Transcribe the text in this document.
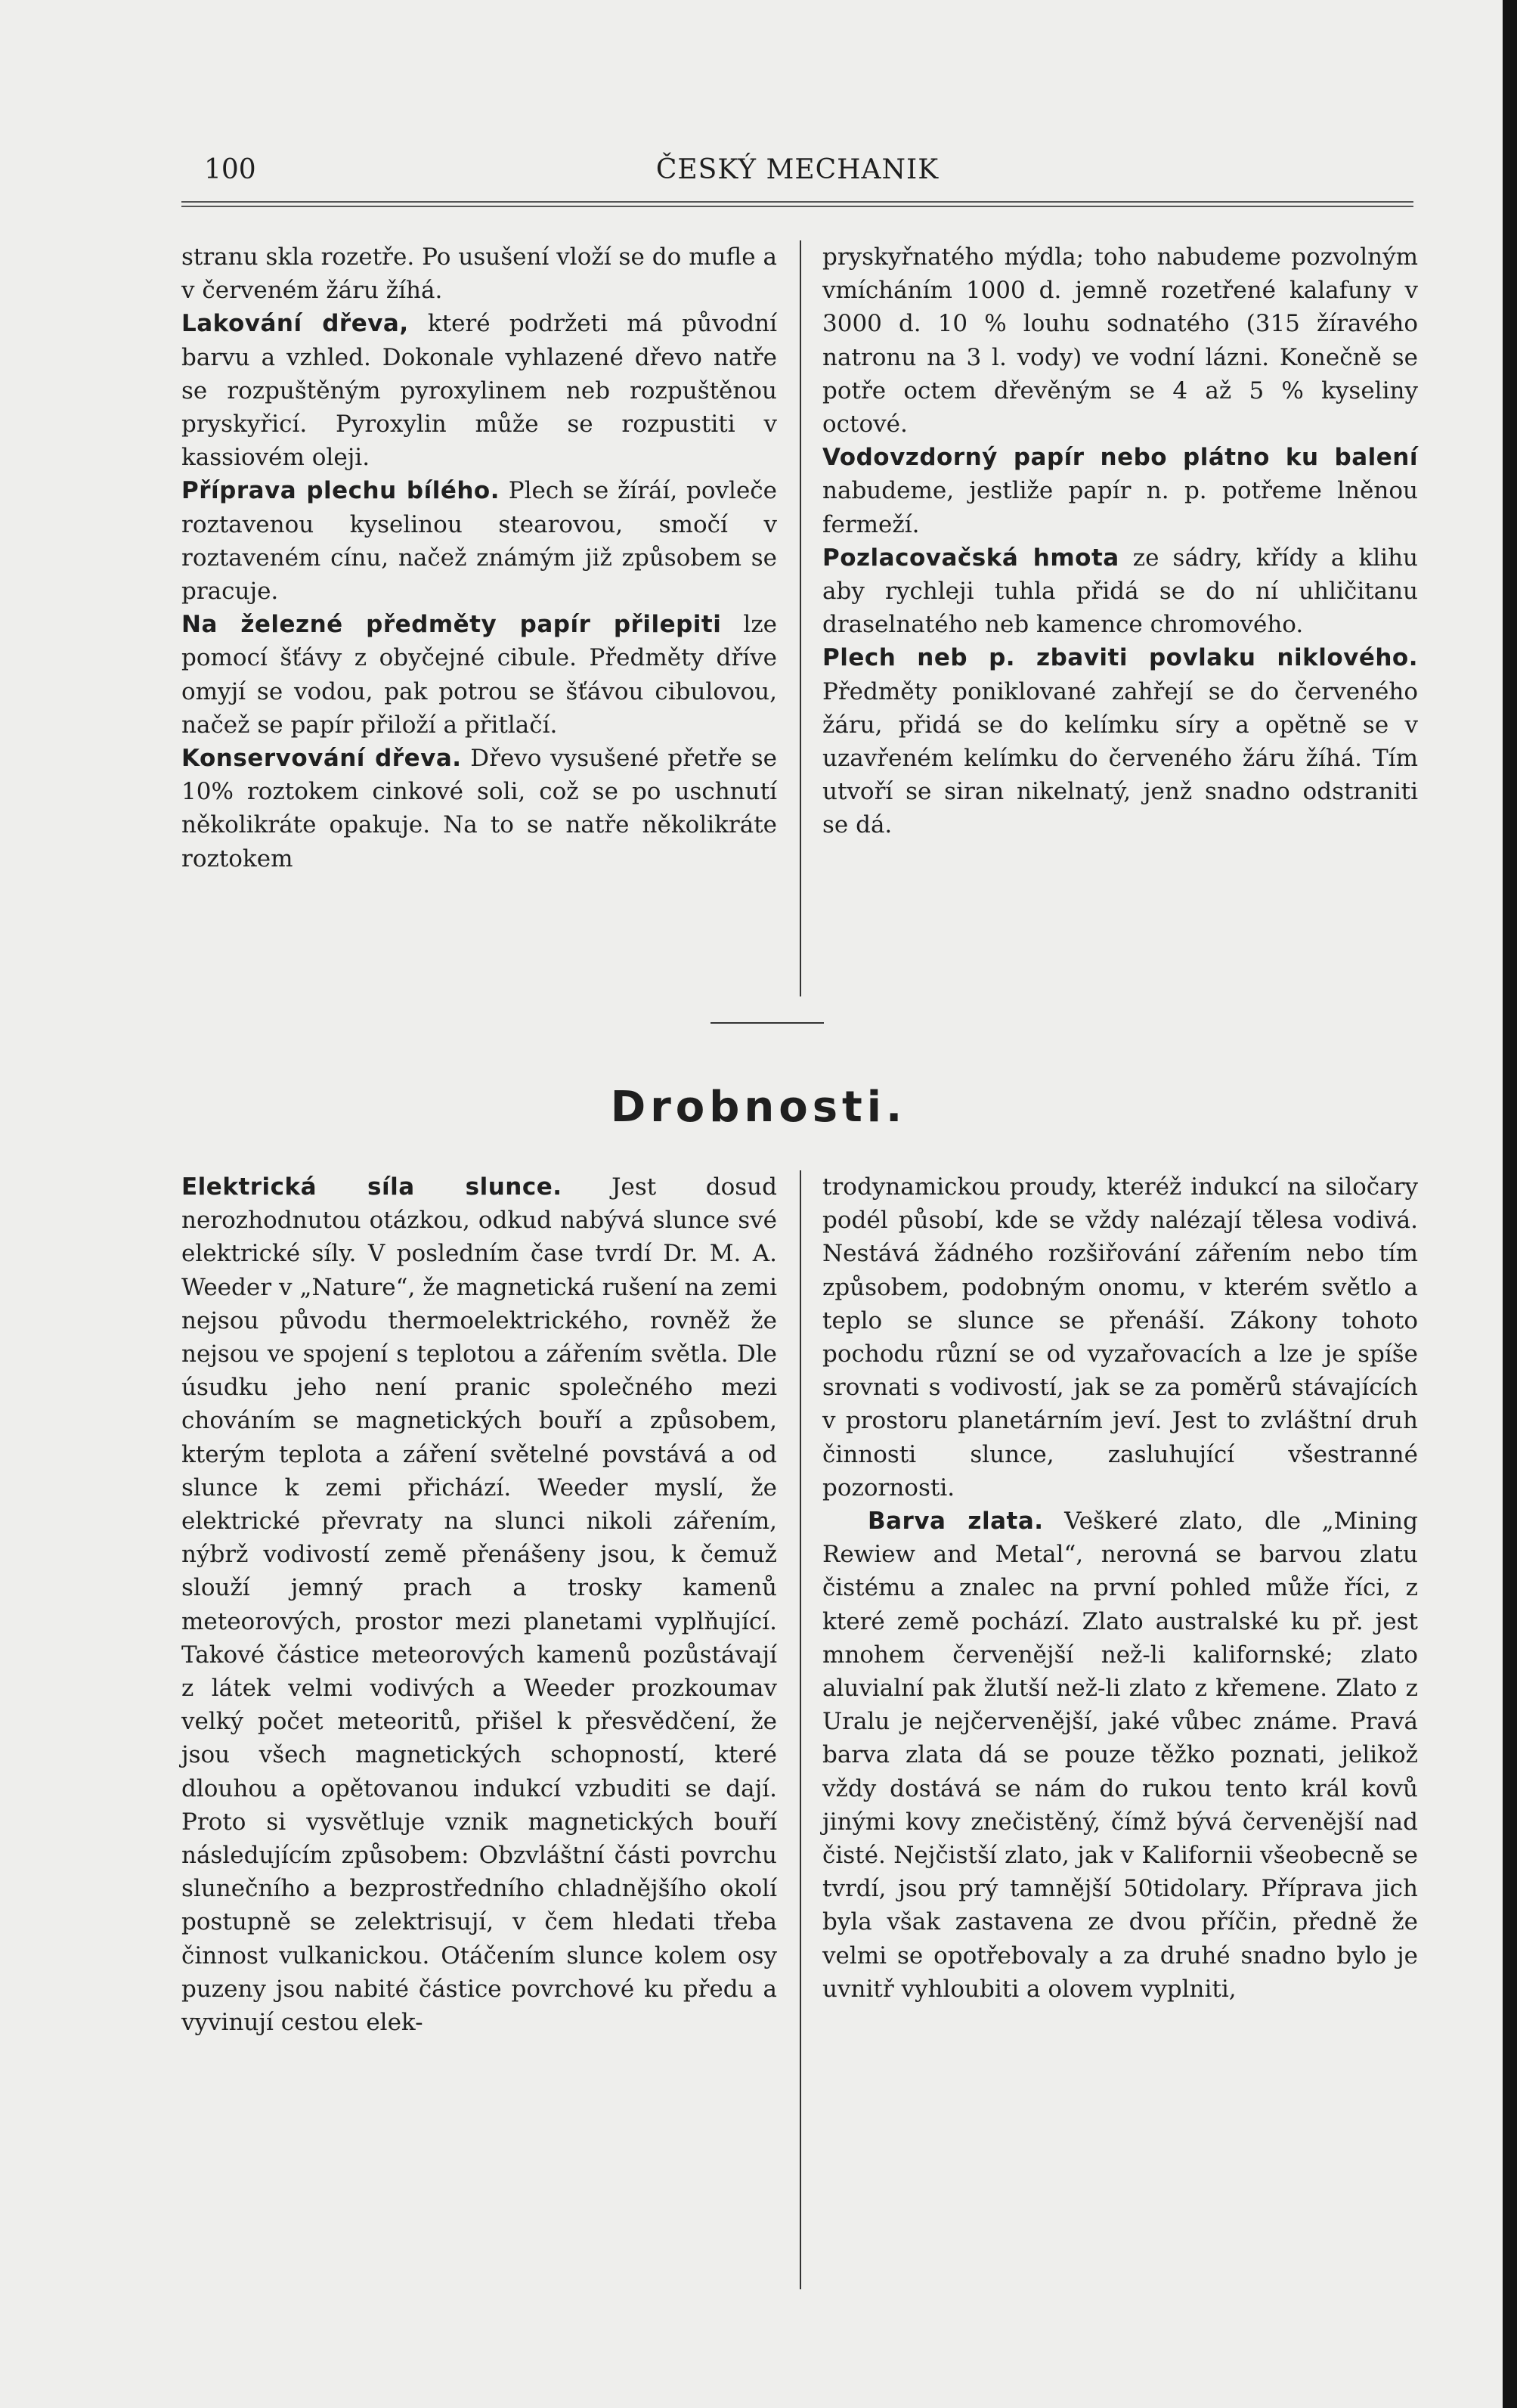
100	ČESKÝ MECHANIK

stranu skla rozetře. Po usušení vloží se do mufle a v červeném žáru žíhá.

Lakování dřeva, které podržeti má původní barvu a vzhled. Dokonale vyhlazené dřevo natře se rozpuštěným pyroxylinem neb rozpuštěnou pryskyřicí. Pyroxylin může se rozpustiti v kassiovém oleji.

Příprava plechu bílého. Plech se žíráí, povleče roztavenou kyselinou stearovou, smočí v roztaveném cínu, načež známým již způsobem se pracuje.

Na železné předměty papír přilepiti lze pomocí šťávy z obyčejné cibule. Předměty dříve omyjí se vodou, pak potrou se šťávou cibulovou, načež se papír přiloží a přitlačí.

Konservování dřeva. Dřevo vysušené přetře se 10% roztokem cinkové soli, což se po uschnutí několikráte opakuje. Na to se natře několikráte roztokem

pryskyřnatého mýdla; toho nabudeme pozvolným vmícháním 1000 d. jemně rozetřené kalafuny v 3000 d. 10 % louhu sodnatého (315 žíravého natronu na 3 l. vody) ve vodní lázni. Konečně se potře octem dřevěným se 4 až 5 % kyseliny octové.

Vodovzdorný papír nebo plátno ku balení nabudeme, jestliže papír n. p. potřeme lněnou fermeží.

Pozlacovačská hmota ze sádry, křídy a klihu aby rychleji tuhla přidá se do ní uhličitanu draselnatého neb kamence chromového.

Plech neb p. zbaviti povlaku niklového. Předměty poniklované zahřejí se do červeného žáru, přidá se do kelímku síry a opětně se v uzavřeném kelímku do červeného žáru žíhá. Tím utvoří se siran nikelnatý, jenž snadno odstraniti se dá.

Drobnosti.

Elektrická síla slunce. Jest dosud nerozhodnutou otázkou, odkud nabývá slunce své elektrické síly. V posledním čase tvrdí Dr. M. A. Weeder v „Nature“, že magnetická rušení na zemi nejsou původu thermoelektrického, rovněž že nejsou ve spojení s teplotou a zářením světla. Dle úsudku jeho není pranic společného mezi chováním se magnetických bouří a způsobem, kterým teplota a záření světelné povstává a od slunce k zemi přichází. Weeder myslí, že elektrické převraty na slunci nikoli zářením, nýbrž vodivostí země přenášeny jsou, k čemuž slouží jemný prach a trosky kamenů meteorových, prostor mezi planetami vyplňující. Takové částice meteorových kamenů pozůstávají z látek velmi vodivých a Weeder prozkoumav velký počet meteoritů, přišel k přesvědčení, že jsou všech magnetických schopností, které dlouhou a opětovanou indukcí vzbuditi se dají. Proto si vysvětluje vznik magnetických bouří následujícím způsobem: Obzvláštní části povrchu slunečního a bezprostředního chladnějšího okolí postupně se zelektrisují, v čem hledati třeba činnost vulkanickou. Otáčením slunce kolem osy puzeny jsou nabité částice povrchové ku předu a vyvinují cestou elek-

trodynamickou proudy, kteréž indukcí na siločary podél působí, kde se vždy nalézají tělesa vodivá. Nestává žádného rozšiřování zářením nebo tím způsobem, podobným onomu, v kterém světlo a teplo se slunce se přenáší. Zákony tohoto pochodu různí se od vyzařovacích a lze je spíše srovnati s vodivostí, jak se za poměrů stávajících v prostoru planetárním jeví. Jest to zvláštní druh činnosti slunce, zasluhující všestranné pozornosti.

Barva zlata. Veškeré zlato, dle „Mining Rewiew and Metal“, nerovná se barvou zlatu čistému a znalec na první pohled může říci, z které země pochází. Zlato australské ku př. jest mnohem červenější než-li kalifornské; zlato aluvialní pak žlutší než-li zlato z křemene. Zlato z Uralu je nejčervenější, jaké vůbec známe. Pravá barva zlata dá se pouze těžko poznati, jelikož vždy dostává se nám do rukou tento král kovů jinými kovy znečistěný, čímž bývá červenější nad čisté. Nejčistší zlato, jak v Kalifornii všeobecně se tvrdí, jsou prý tamnější 50tidolary. Příprava jich byla však zastavena ze dvou příčin, předně že velmi se opotřebovaly a za druhé snadno bylo je uvnitř vyhloubiti a olovem vyplniti,
